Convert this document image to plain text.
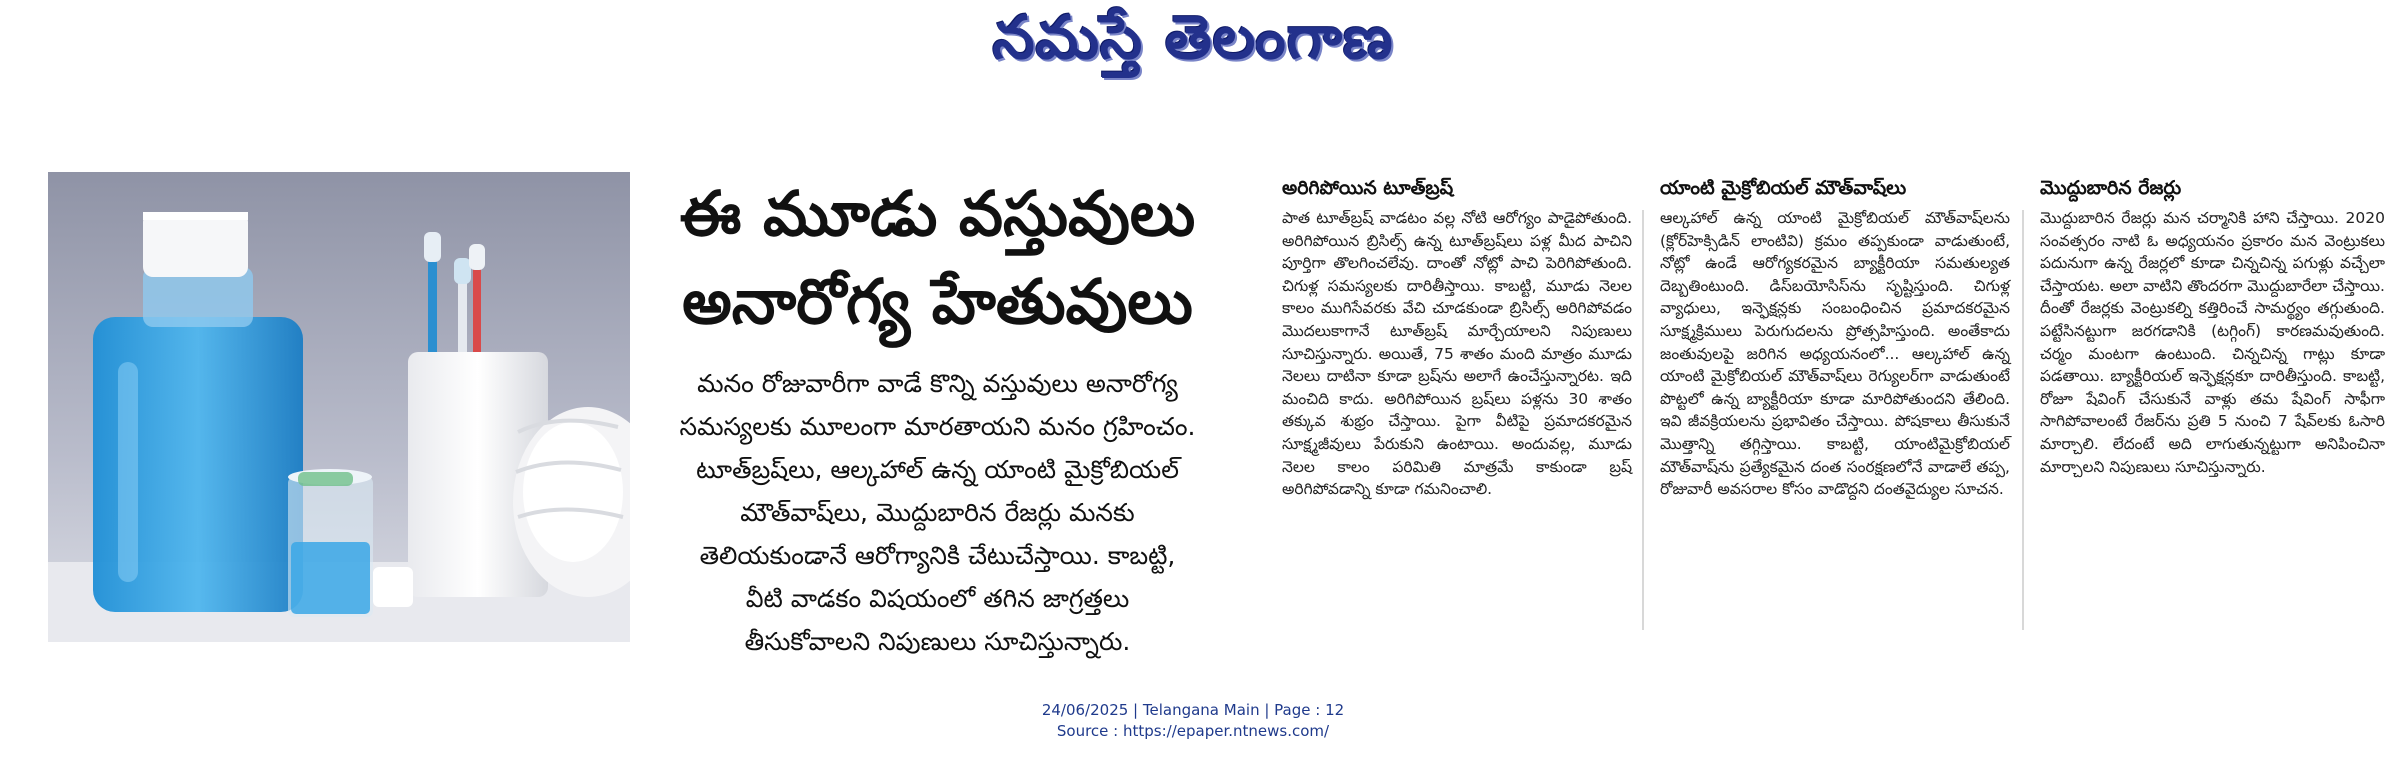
నమస్తే తెలంగాణ
ఈ మూడు వస్తువులు
అనారోగ్య హేతువులు
మనం రోజువారీగా వాడే కొన్ని వస్తువులు అనారోగ్య
సమస్యలకు మూలంగా మారతాయని మనం గ్రహించం.
టూత్‌బ్రష్‌లు, ఆల్కహాల్ ఉన్న యాంటి మైక్రోబియల్
మౌత్‌వాష్‌లు, మొద్దుబారిన రేజర్లు మనకు
తెలియకుండానే ఆరోగ్యానికి చేటుచేస్తాయి. కాబట్టి,
వీటి వాడకం విషయంలో తగిన జాగ్రత్తలు
తీసుకోవాలని నిపుణులు సూచిస్తున్నారు.
అరిగిపోయిన టూత్‌బ్రష్
పాత టూత్‌బ్రష్ వాడటం వల్ల నోటి ఆరోగ్యం పాడైపోతుంది. అరిగిపోయిన బ్రిసిల్స్ ఉన్న టూత్‌బ్రష్‌లు పళ్ల మీద పాచిని పూర్తిగా తొలగించలేవు. దాంతో నోట్లో పాచి పెరిగిపోతుంది. చిగుళ్ల సమస్యలకు దారితీస్తాయి. కాబట్టి, మూడు నెలల కాలం ముగిసేవరకు వేచి చూడకుండా బ్రిసిల్స్ అరిగిపోవడం మొదలుకాగానే టూత్‌బ్రష్ మార్చేయాలని నిపుణులు సూచిస్తున్నారు. అయితే, 75 శాతం మంది మాత్రం మూడు నెలలు దాటినా కూడా బ్రష్‌ను అలాగే ఉంచేస్తున్నారట. ఇది మంచిది కాదు. అరిగిపోయిన బ్రష్‌లు పళ్లను 30 శాతం తక్కువ శుభ్రం చేస్తాయి. పైగా వీటిపై ప్రమాదకరమైన సూక్ష్మజీవులు పేరుకుని ఉంటాయి. అందువల్ల, మూడు నెలల కాలం పరిమితి మాత్రమే కాకుండా బ్రష్ అరిగిపోవడాన్ని కూడా గమనించాలి.
యాంటి మైక్రోబియల్ మౌత్‌వాష్‌లు
ఆల్కహాల్ ఉన్న యాంటి మైక్రోబియల్ మౌత్‌వాష్‌లను (క్లోర్‌హెక్సిడిన్ లాంటివి) క్రమం తప్పకుండా వాడుతుంటే, నోట్లో ఉండే ఆరోగ్యకరమైన బ్యాక్టీరియా సమతుల్యత దెబ్బతింటుంది. డిస్‌బయోసిస్‌ను సృష్టిస్తుంది. చిగుళ్ల వ్యాధులు, ఇన్ఫెక్షన్లకు సంబంధించిన ప్రమాదకరమైన సూక్ష్మక్రిములు పెరుగుదలను ప్రోత్సహిస్తుంది. అంతేకాదు జంతువులపై జరిగిన అధ్యయనంలో... ఆల్కహాల్ ఉన్న యాంటి మైక్రోబియల్ మౌత్‌వాష్‌లు రెగ్యులర్‌గా వాడుతుంటే పొట్టలో ఉన్న బ్యాక్టీరియా కూడా మారిపోతుందని తేలింది. ఇవి జీవక్రియలను ప్రభావితం చేస్తాయి. పోషకాలు తీసుకునే మొత్తాన్ని తగ్గిస్తాయి. కాబట్టి, యాంటిమైక్రోబియల్ మౌత్‌వాష్‌ను ప్రత్యేకమైన దంత సంరక్షణలోనే వాడాలే తప్ప, రోజువారీ అవసరాల కోసం వాడొద్దని దంతవైద్యుల సూచన.
మొద్దుబారిన రేజర్లు
మొద్దుబారిన రేజర్లు మన చర్మానికి హాని చేస్తాయి. 2020 సంవత్సరం నాటి ఓ అధ్యయనం ప్రకారం మన వెంట్రుకలు పదునుగా ఉన్న రేజర్లలో కూడా చిన్నచిన్న పగుళ్లు వచ్చేలా చేస్తాయట. అలా వాటిని తొందరగా మొద్దుబారేలా చేస్తాయి. దీంతో రేజర్లకు వెంట్రుకల్ని కత్తిరించే సామర్థ్యం తగ్గుతుంది. పట్టేసినట్టుగా జరగడానికి (టగ్గింగ్) కారణమవుతుంది. చర్మం మంటగా ఉంటుంది. చిన్నచిన్న గాట్లు కూడా పడతాయి. బ్యాక్టీరియల్ ఇన్ఫెక్షన్లకూ దారితీస్తుంది. కాబట్టి, రోజూ షేవింగ్ చేసుకునే వాళ్లు తమ షేవింగ్ సాఫీగా సాగిపోవాలంటే రేజర్‌ను ప్రతి 5 నుంచి 7 షేవ్‌లకు ఓసారి మార్చాలి. లేదంటే అది లాగుతున్నట్టుగా అనిపించినా మార్చాలని నిపుణులు సూచిస్తున్నారు.
24/06/2025 | Telangana Main | Page : 12
Source : https://epaper.ntnews.com/
